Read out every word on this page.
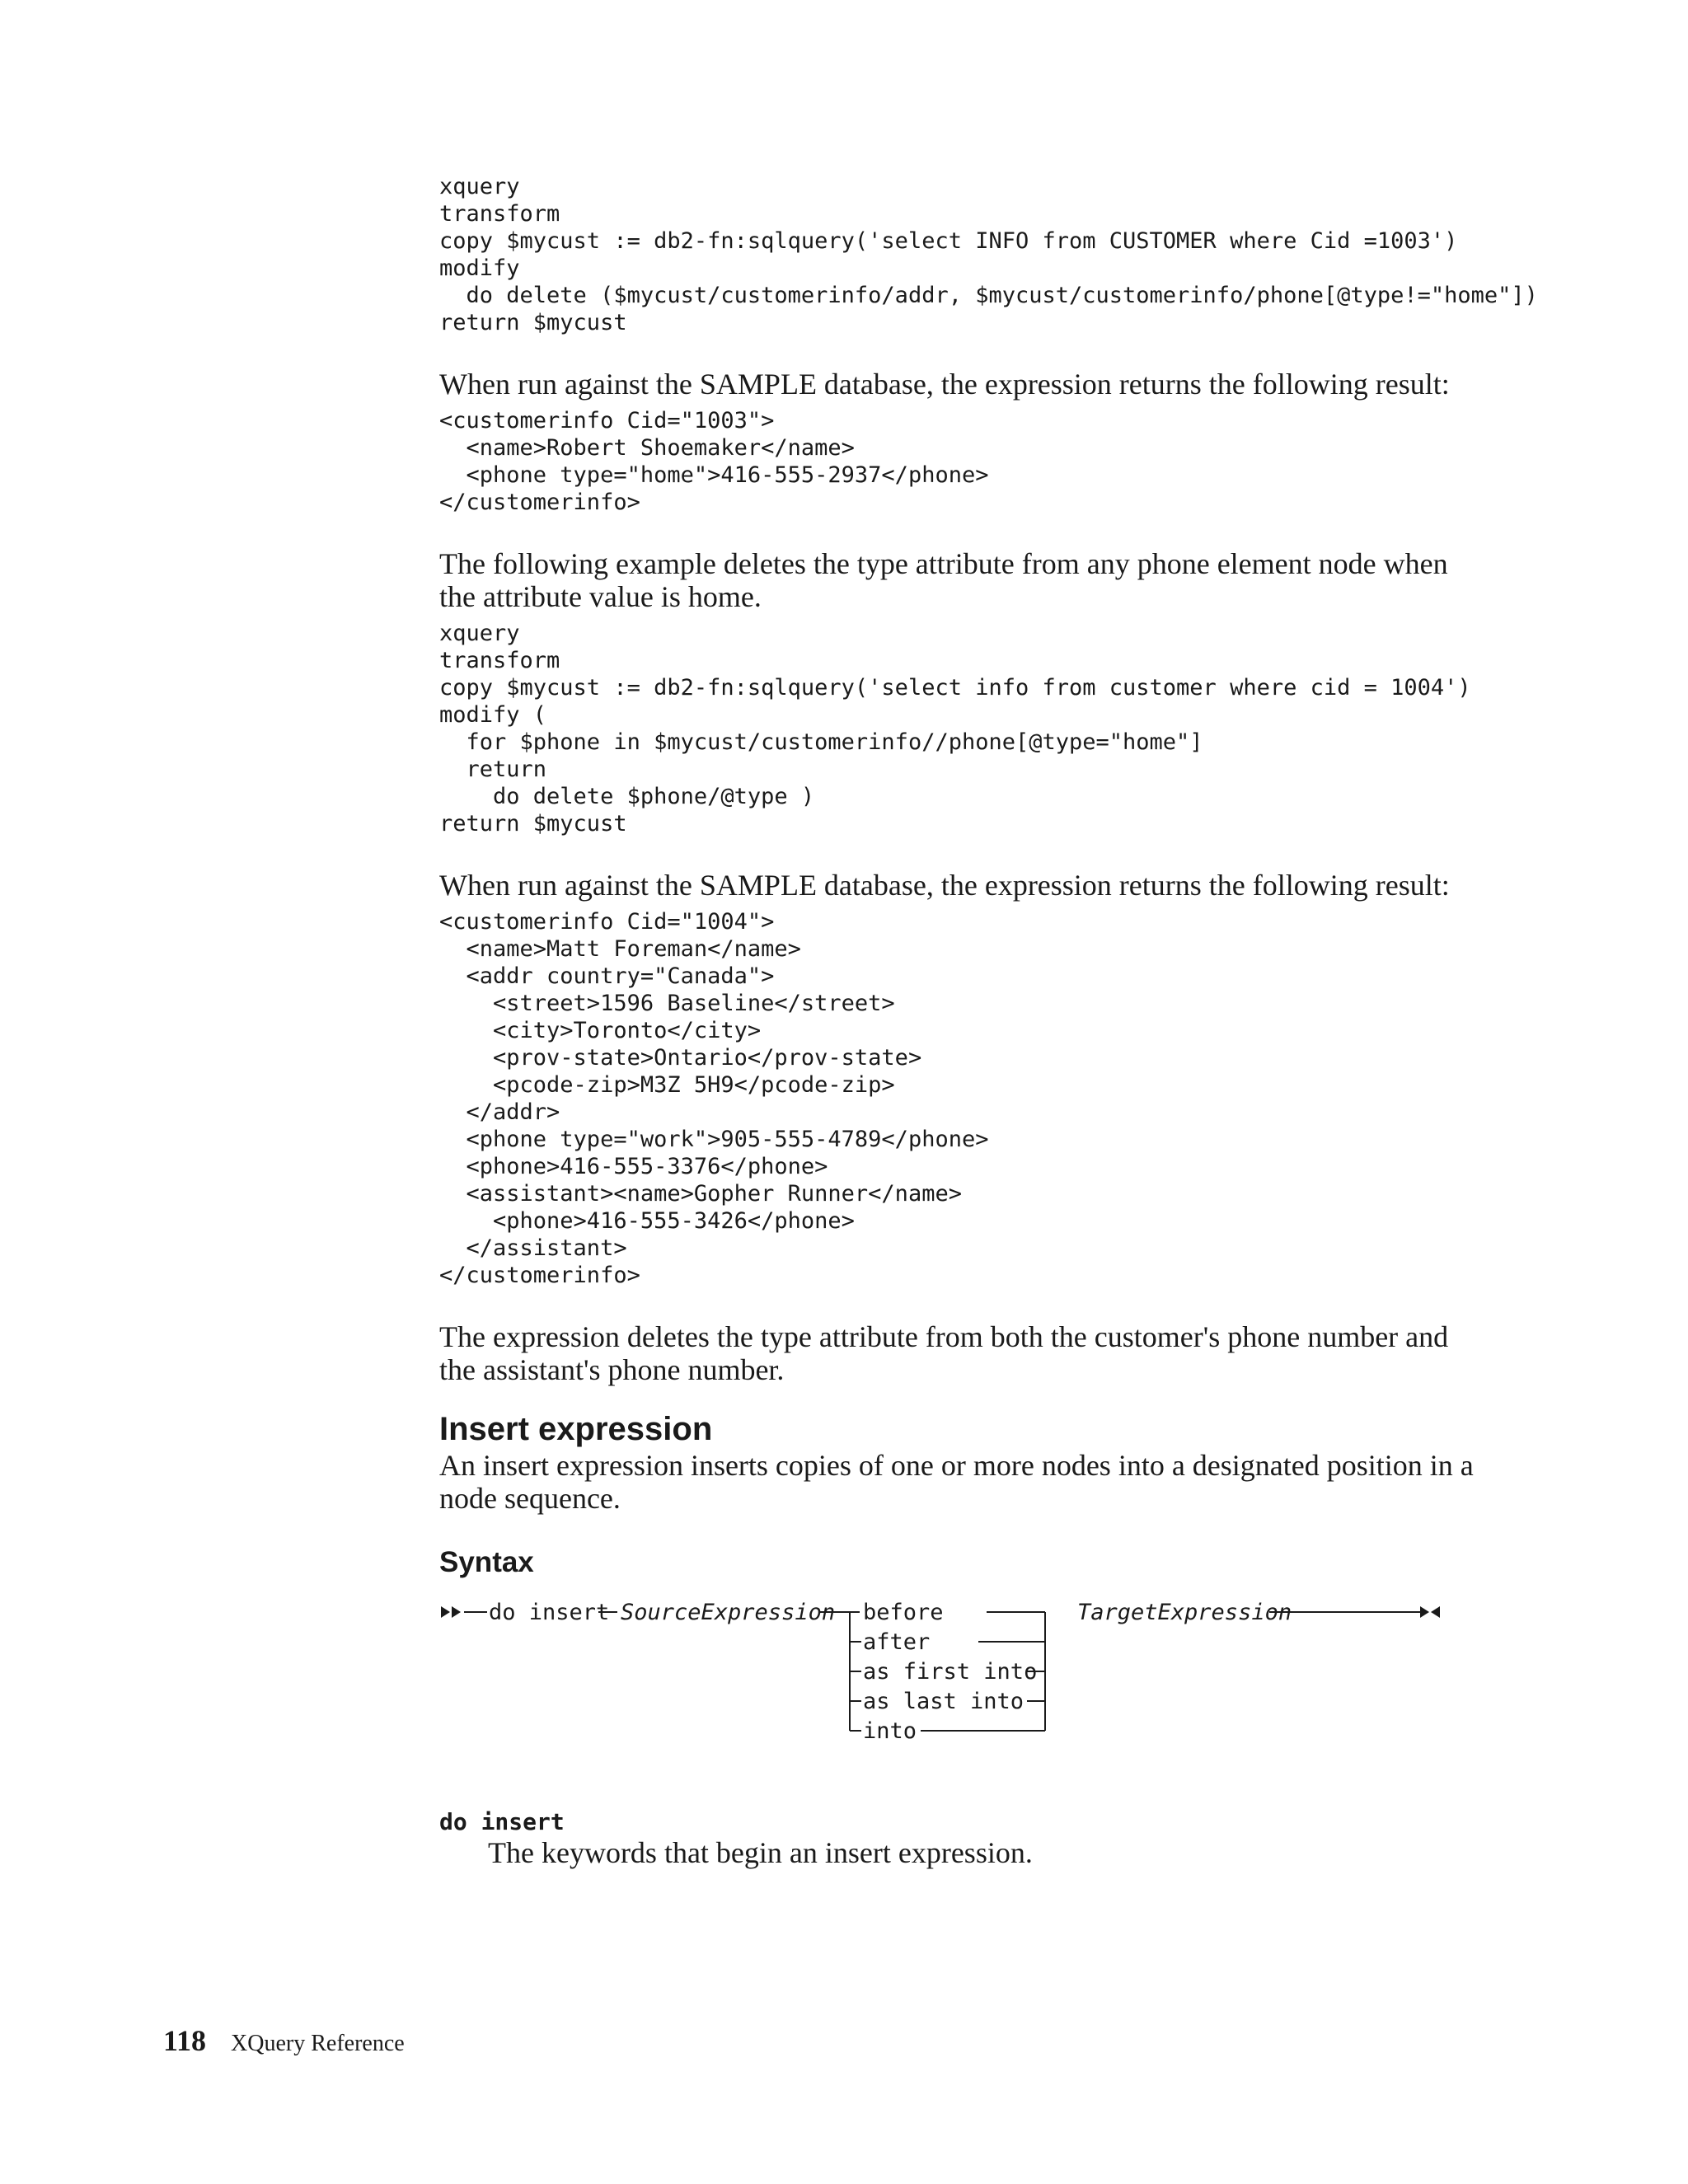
xquery
transform
copy $mycust := db2-fn:sqlquery('select INFO from CUSTOMER where Cid =1003')
modify
do delete ($mycust/customerinfo/addr, $mycust/customerinfo/phone[@type!="home"])
return $mycust

When run against the SAMPLE database, the expression returns the following result:

<customerinfo Cid="1003">
<name>Robert Shoemaker</name>
<phone type="home">416-555-2937</phone>
</customerinfo>

The following example deletes the type attribute from any phone element node when the attribute value is home.

xquery
transform
copy $mycust := db2-fn:sqlquery('select info from customer where cid = 1004')
modify (
for $phone in $mycust/customerinfo//phone[@type="home"]
return
do delete $phone/@type )
return $mycust

When run against the SAMPLE database, the expression returns the following result:

<customerinfo Cid="1004">
<name>Matt Foreman</name>
<addr country="Canada">
<street>1596 Baseline</street>
<city>Toronto</city>
<prov-state>Ontario</prov-state>
<pcode-zip>M3Z 5H9</pcode-zip>
</addr>
<phone type="work">905-555-4789</phone>
<phone>416-555-3376</phone>
<assistant><name>Gopher Runner</name>
<phone>416-555-3426</phone>
</assistant>
</customerinfo>

The expression deletes the type attribute from both the customer's phone number and the assistant's phone number.

Insert expression

An insert expression inserts copies of one or more nodes into a designated position in a node sequence.

Syntax
do insert SourceExpression before
after
as first into
as last into
into
TargetExpression

do insert

The keywords that begin an insert expression.

118 XQuery Reference
